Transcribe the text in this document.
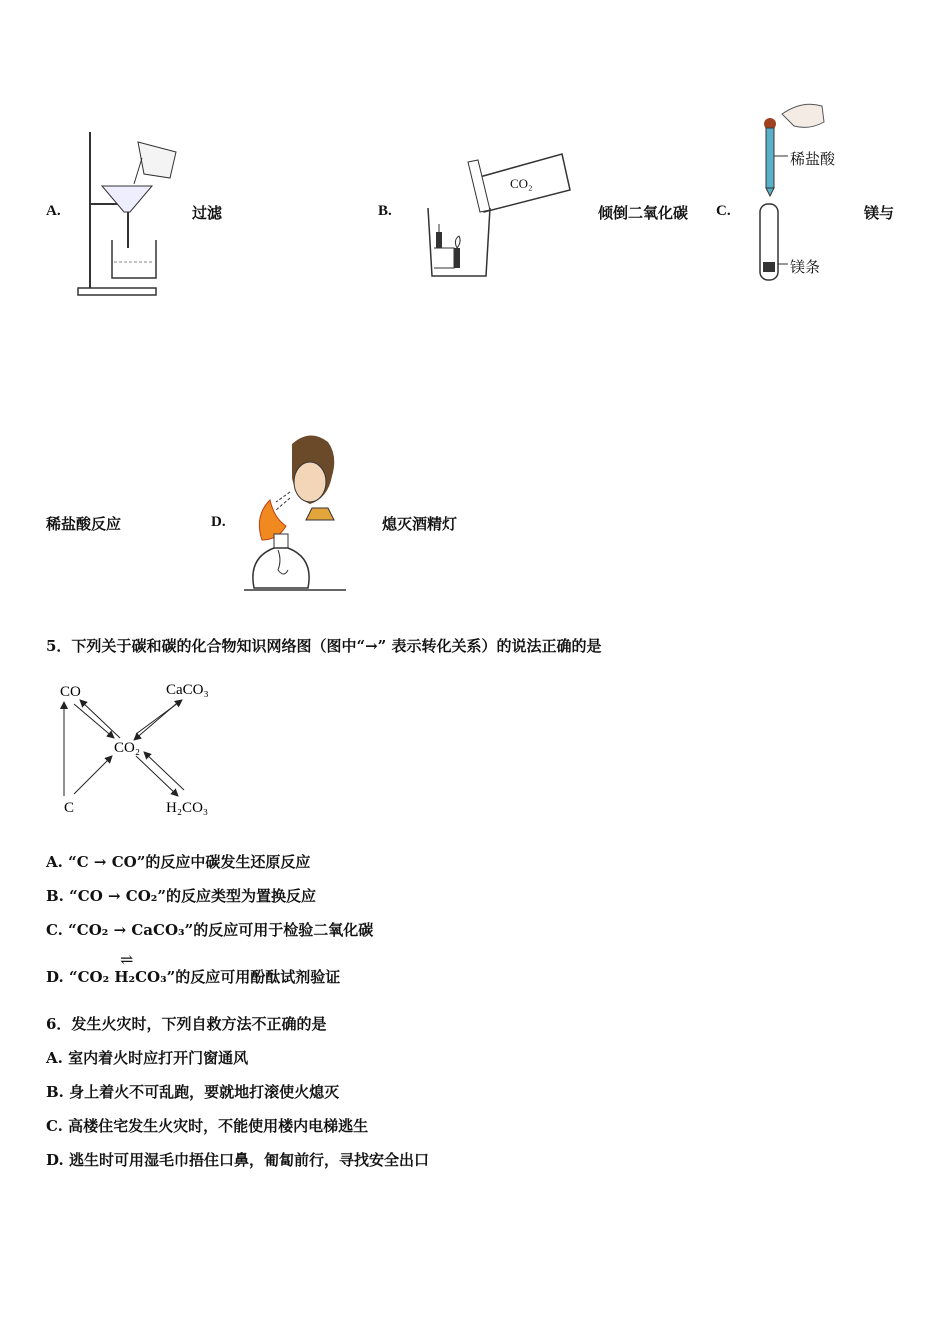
A.	过滤	B.
CO₂
倾倒二氧化碳 C.
稀盐酸
镁条
镁与
稀盐酸反应	D.	熄灭酒精灯
5．下列关于碳和碳的化合物知识网络图（图中“→” 表示转化关系）的说法正确的是
CO	CaCO₃
CO₂
C	H₂CO₃
A. “C → CO”的反应中碳发生还原反应
B. “CO → CO₂”的反应类型为置换反应
C. “CO₂ → CaCO₃”的反应可用于检验二氧化碳
⇌
D. “CO₂ H₂CO₃”的反应可用酚酞试剂验证
6．发生火灾时，下列自救方法不正确的是
A. 室内着火时应打开门窗通风
B. 身上着火不可乱跑，要就地打滚使火熄灭
C. 高楼住宅发生火灾时，不能使用楼内电梯逃生
D. 逃生时可用湿毛巾捂住口鼻，匍匐前行，寻找安全出口
